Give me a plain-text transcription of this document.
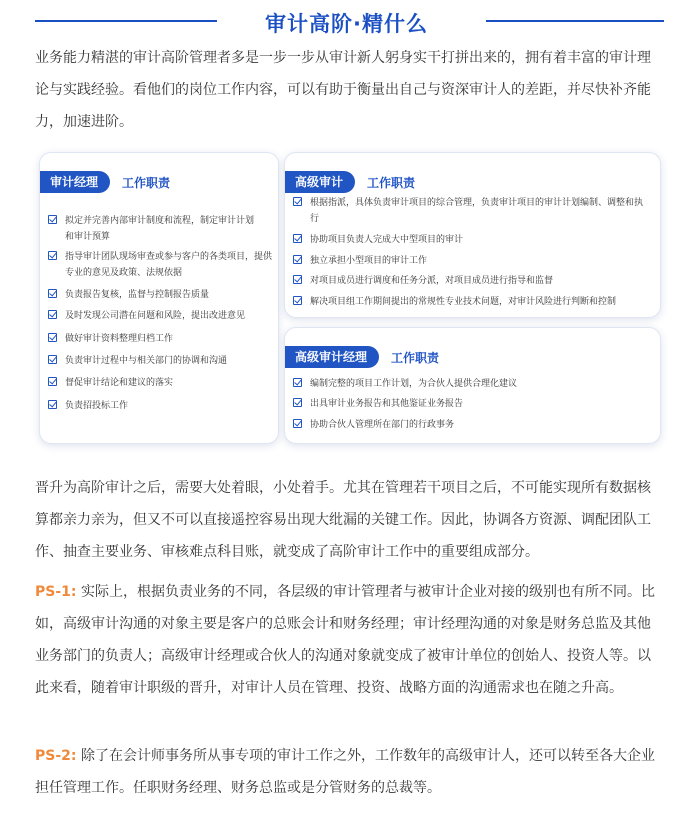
审计高阶·精什么

业务能力精湛的审计高阶管理者多是一步一步从审计新人躬身实干打拼出来的，拥有着丰富的审计理论与实践经验。看他们的岗位工作内容，可以有助于衡量出自己与资深审计人的差距，并尽快补齐能力，加速进阶。

审计经理	工作职责
拟定并完善内部审计制度和流程，制定审计计划和审计预算
指导审计团队现场审查或参与客户的各类项目，提供专业的意见及政策、法规依据
负责报告复核，监督与控制报告质量
及时发现公司潜在问题和风险，提出改进意见
做好审计资料整理归档工作
负责审计过程中与相关部门的协调和沟通
督促审计结论和建议的落实
负责招投标工作
高级审计	工作职责
根据指派，具体负责审计项目的综合管理，负责审计项目的审计计划编制、调整和执行
协助项目负责人完成大中型项目的审计
独立承担小型项目的审计工作
对项目成员进行调度和任务分派，对项目成员进行指导和监督
解决项目组工作期间提出的常规性专业技术问题，对审计风险进行判断和控制
高级审计经理	工作职责
编制完整的项目工作计划，为合伙人提供合理化建议
出具审计业务报告和其他鉴证业务报告
协助合伙人管理所在部门的行政事务

晋升为高阶审计之后，需要大处着眼，小处着手。尤其在管理若干项目之后，不可能实现所有数据核算都亲力亲为，但又不可以直接遥控容易出现大纰漏的关键工作。因此，协调各方资源、调配团队工作、抽查主要业务、审核难点科目账，就变成了高阶审计工作中的重要组成部分。

PS-1: 实际上，根据负责业务的不同，各层级的审计管理者与被审计企业对接的级别也有所不同。比如，高级审计沟通的对象主要是客户的总账会计和财务经理；审计经理沟通的对象是财务总监及其他业务部门的负责人；高级审计经理或合伙人的沟通对象就变成了被审计单位的创始人、投资人等。以此来看，随着审计职级的晋升，对审计人员在管理、投资、战略方面的沟通需求也在随之升高。

PS-2: 除了在会计师事务所从事专项的审计工作之外，工作数年的高级审计人，还可以转至各大企业担任管理工作。任职财务经理、财务总监或是分管财务的总裁等。
